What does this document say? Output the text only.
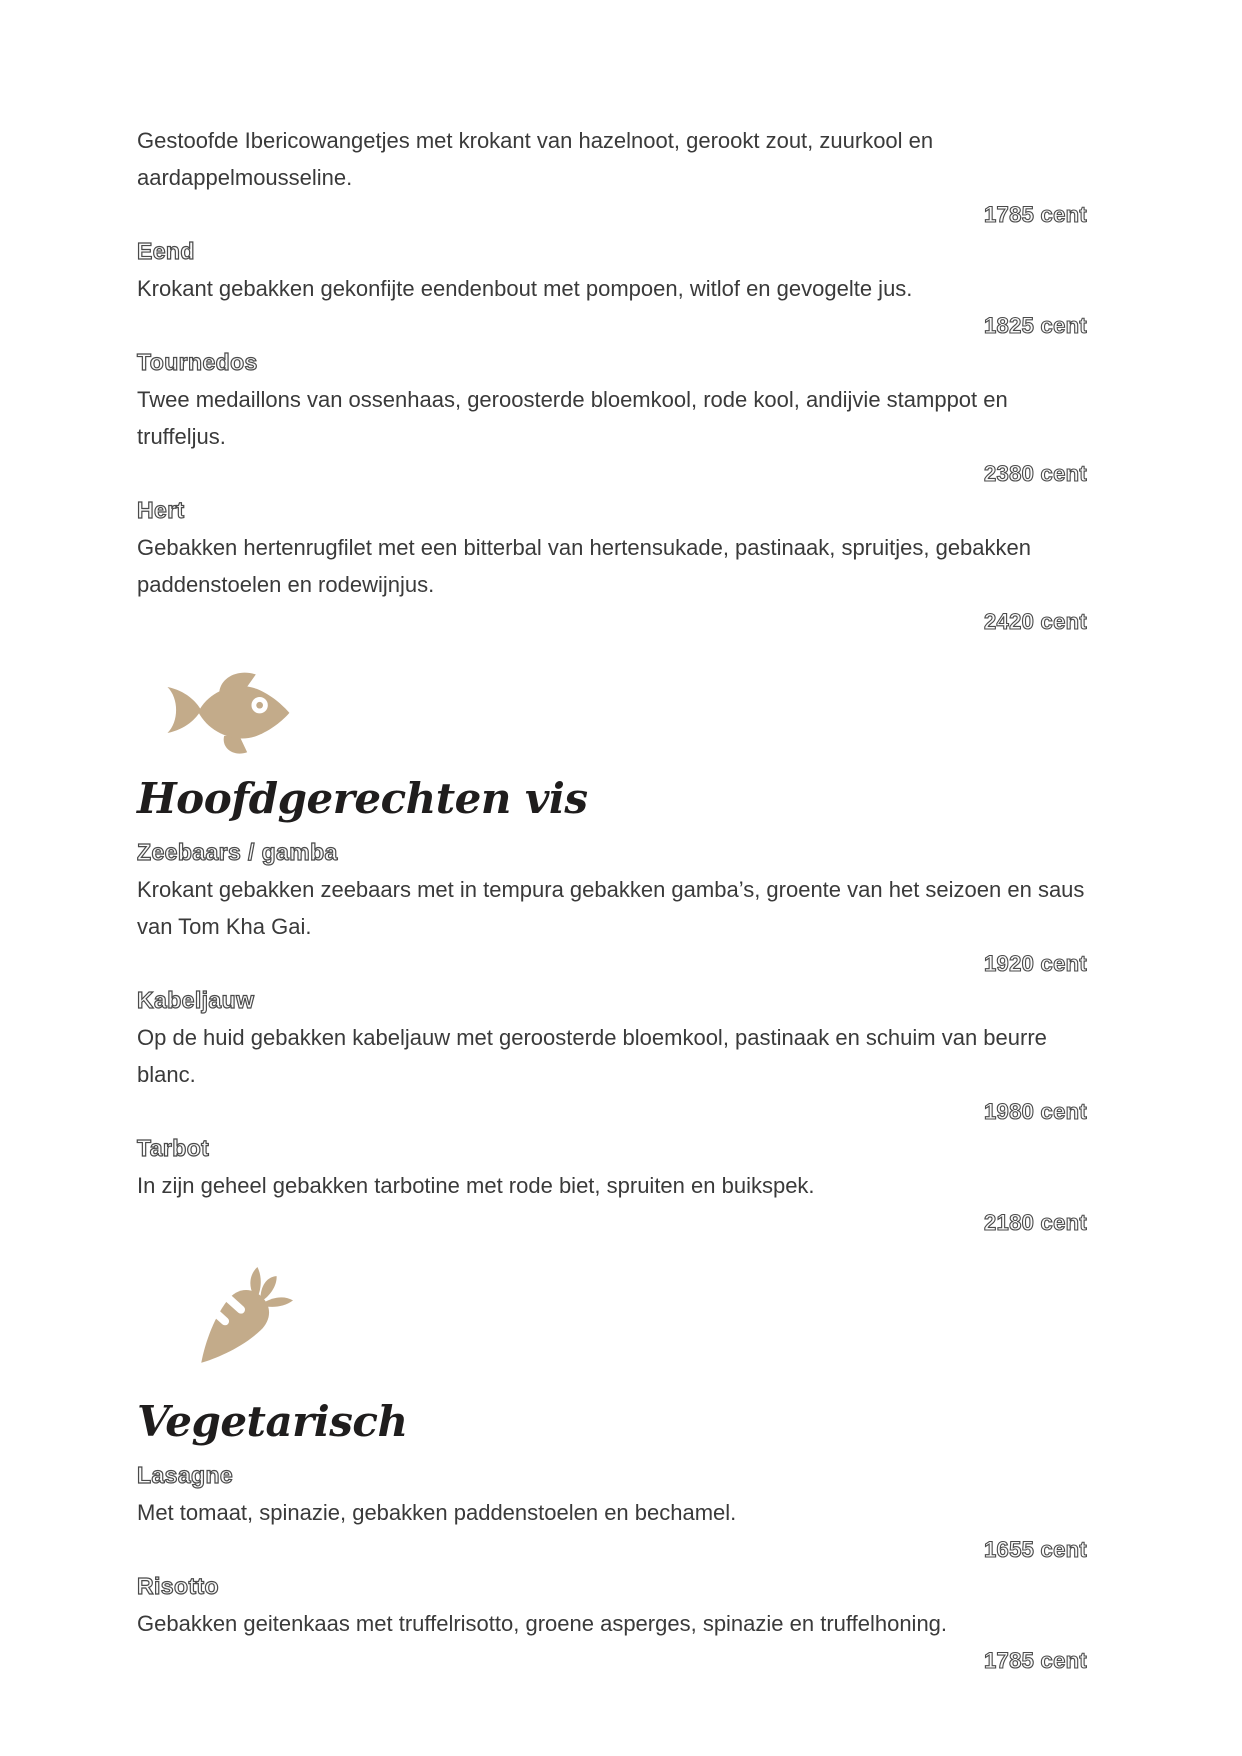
Gestoofde Ibericowangetjes met krokant van hazelnoot, gerookt zout, zuurkool en aardappelmousseline.
1785 cent
Eend
Krokant gebakken gekonfijte eendenbout met pompoen, witlof en gevogelte jus.
1825 cent
Tournedos
Twee medaillons van ossenhaas, geroosterde bloemkool, rode kool, andijvie stamppot en truffeljus.
2380 cent
Hert
Gebakken hertenrugfilet met een bitterbal van hertensukade, pastinaak, spruitjes, gebakken paddenstoelen en rodewijnjus.
2420 cent
Hoofdgerechten vis
Zeebaars / gamba
Krokant gebakken zeebaars met in tempura gebakken gamba’s, groente van het seizoen en saus van Tom Kha Gai.
1920 cent
Kabeljauw
Op de huid gebakken kabeljauw met geroosterde bloemkool, pastinaak en schuim van beurre blanc.
1980 cent
Tarbot
In zijn geheel gebakken tarbotine met rode biet, spruiten en buikspek.
2180 cent
Vegetarisch
Lasagne
Met tomaat, spinazie, gebakken paddenstoelen en bechamel.
1655 cent
Risotto
Gebakken geitenkaas met truffelrisotto, groene asperges, spinazie en truffelhoning.
1785 cent
